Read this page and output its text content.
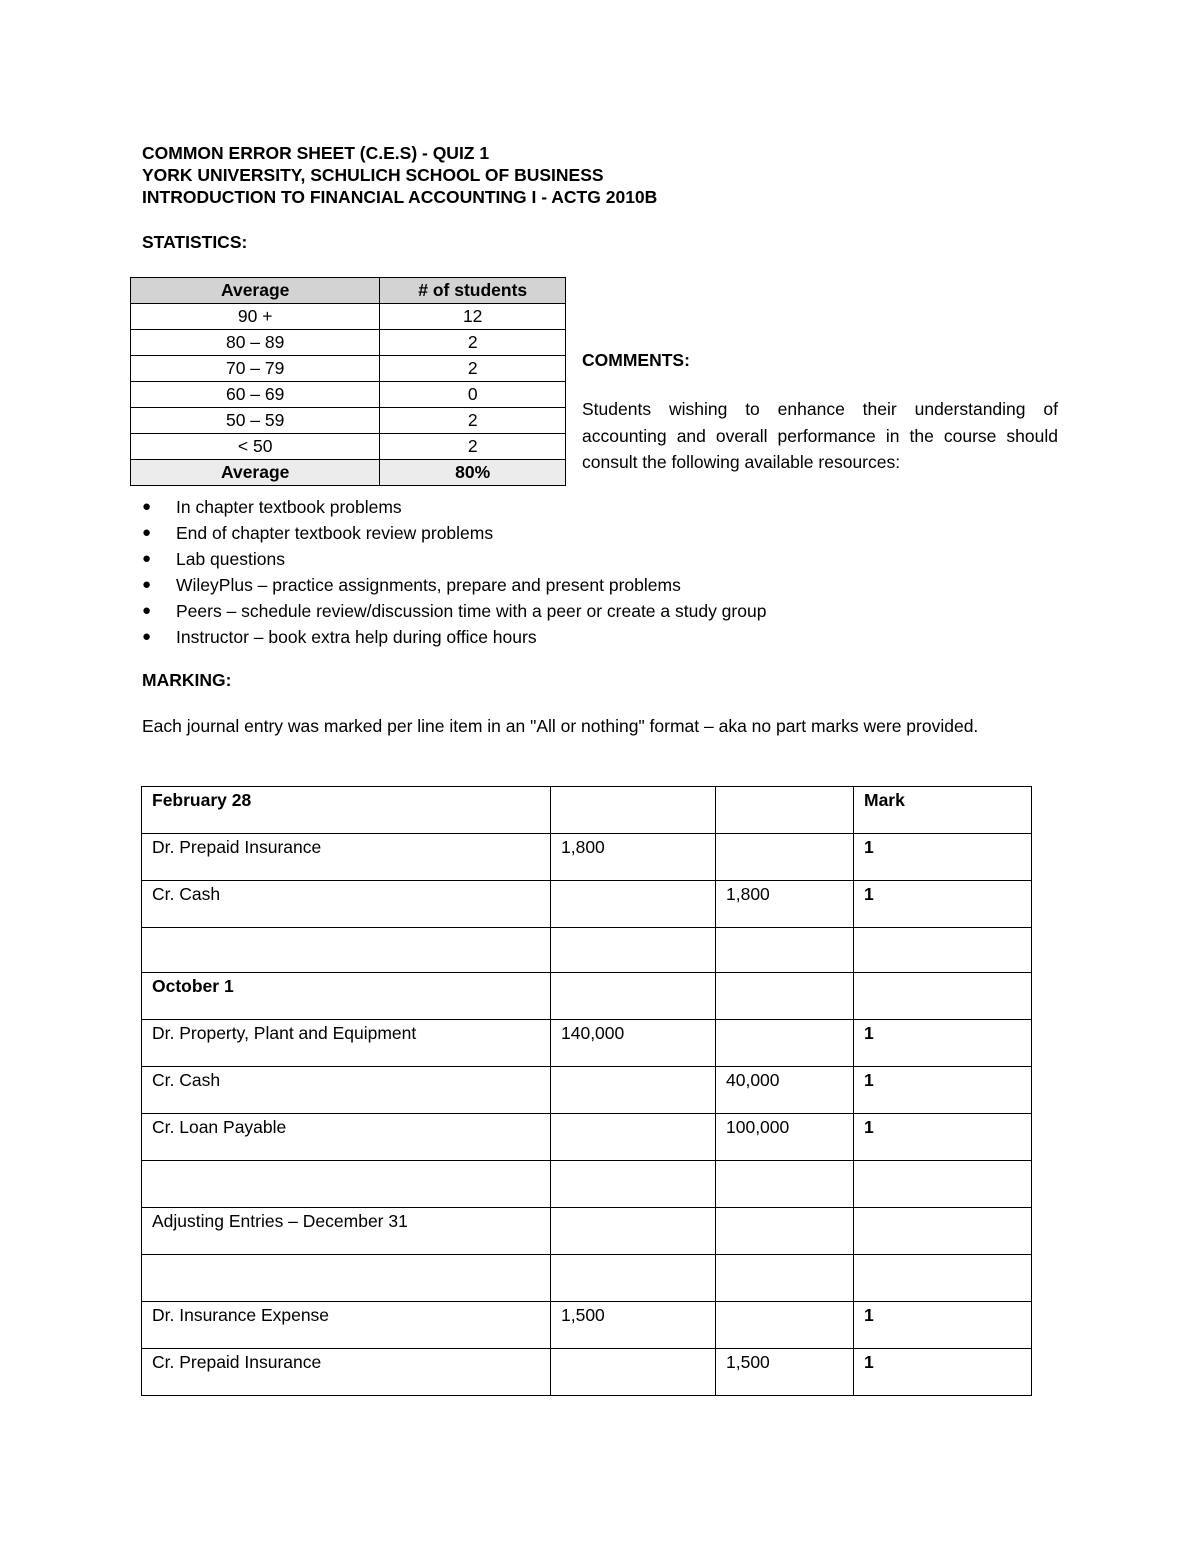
COMMON ERROR SHEET (C.E.S) - QUIZ 1
YORK UNIVERSITY, SCHULICH SCHOOL OF BUSINESS
INTRODUCTION TO FINANCIAL ACCOUNTING I - ACTG 2010B
STATISTICS:
Average	# of students
90 +	12
80 – 89	2
70 – 79	2
60 – 69	0
50 – 59	2
< 50	2
Average	80%
COMMENTS:
Students wishing to enhance their understanding of accounting and overall performance in the course should consult the following available resources:
● In chapter textbook problems
● End of chapter textbook review problems
● Lab questions
● WileyPlus – practice assignments, prepare and present problems
● Peers – schedule review/discussion time with a peer or create a study group
● Instructor – book extra help during office hours
MARKING:
Each journal entry was marked per line item in an "All or nothing" format – aka no part marks were provided.
February 28			Mark
Dr. Prepaid Insurance	1,800		1
Cr. Cash		1,800	1

October 1			
Dr. Property, Plant and Equipment	140,000		1
Cr. Cash		40,000	1
Cr. Loan Payable		100,000	1

Adjusting Entries – December 31			

Dr. Insurance Expense	1,500		1
Cr. Prepaid Insurance		1,500	1
